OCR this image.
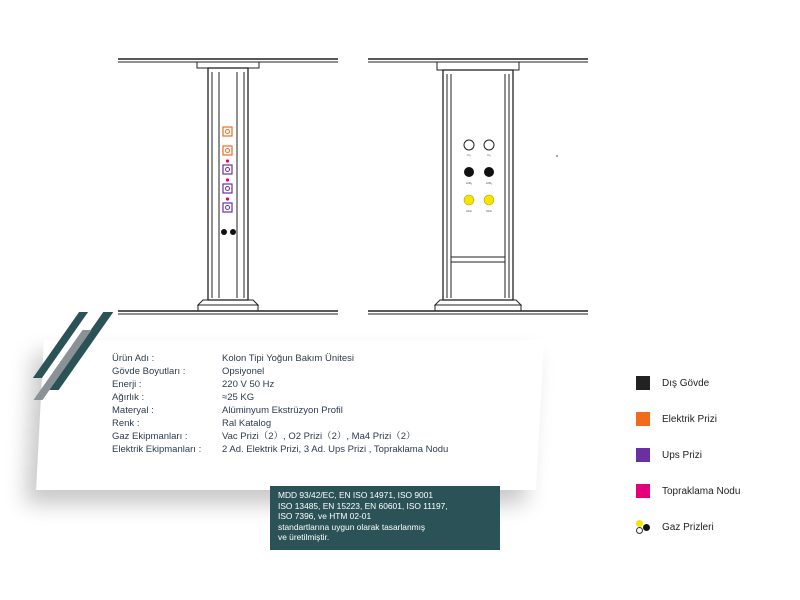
O₂	O₂
AIR₄	AIR₄
VAC	VAC
Ürün Adı :	Kolon Tipi Yoğun Bakım Ünitesi
Gövde Boyutları :	Opsiyonel
Enerji :	220 V 50 Hz
Ağırlık :	≈25 KG
Materyal :	Alüminyum Ekstrüzyon Profil
Renk :	Ral Katalog
Gaz Ekipmanları :	Vac Prizi（2）, O2 Prizi（2）, Ma4 Prizi（2）
Elektrik Ekipmanları :	2 Ad. Elektrik Prizi, 3 Ad. Ups Prizi , Topraklama Nodu
MDD 93/42/EC, EN ISO 14971, ISO 9001
ISO 13485, EN 15223, EN 60601, ISO 11197,
ISO 7396, ve HTM 02-01
standartlarına uygun olarak tasarlanmış
ve üretilmiştir.
Dış Gövde
Elektrik Prizi
Ups Prizi
Topraklama Nodu
Gaz Prizleri
